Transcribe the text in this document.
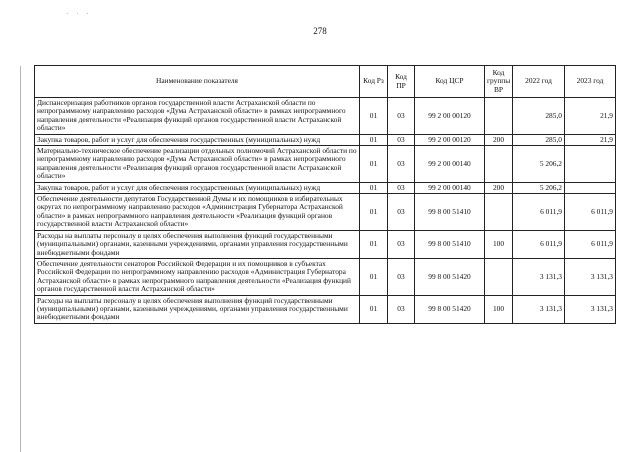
· · ·
278
Наименование показателя	Код Рз	Код ПР	Код ЦСР	Код группы ВР	2022 год	2023 год
Диспансеризация работников органов государственной власти Астраханской области по непрограммному направлению расходов «Дума Астраханской области» в рамках непрограммного направления деятельности «Реализация функций органов государственной власти Астраханской области»	01	03	99 2 00 00120		285,0	21,9
Закупка товаров, работ и услуг для обеспечения государственных (муниципальных) нужд	01	03	99 2 00 00120	200	285,0	21,9
Материально-техническое обеспечение реализации отдельных полномочий Астраханской области по непрограммному направлению расходов «Дума Астраханской области» в рамках непрограммного направления деятельности «Реализация функций органов государственной власти Астраханской области»	01	03	99 2 00 00140		5 206,2	
Закупка товаров, работ и услуг для обеспечения государственных (муниципальных) нужд	01	03	99 2 00 00140	200	5 206,2	
Обеспечение деятельности депутатов Государственной Думы и их помощников в избирательных округах по непрограммному направлению расходов «Администрация Губернатора Астраханской области» в рамках непрограммного направления деятельности «Реализация функций органов государственной власти Астраханской области»	01	03	99 8 00 51410		6 011,9	6 011,9
Расходы на выплаты персоналу в целях обеспечения выполнения функций государственными (муниципальными) органами, казенными учреждениями, органами управления государственными внебюджетными фондами	01	03	99 8 00 51410	100	6 011,9	6 011,9
Обеспечение деятельности сенаторов Российской Федерации и их помощников в субъектах Российской Федерации по непрограммному направлению расходов «Администрация Губернатора Астраханской области» в рамках непрограммного направления деятельности «Реализация функций органов государственной власти Астраханской области»	01	03	99 8 00 51420		3 131,3	3 131,3
Расходы на выплаты персоналу в целях обеспечения выполнения функций государственными (муниципальными) органами, казенными учреждениями, органами управления государственными внебюджетными фондами	01	03	99 8 00 51420	100	3 131,3	3 131,3
